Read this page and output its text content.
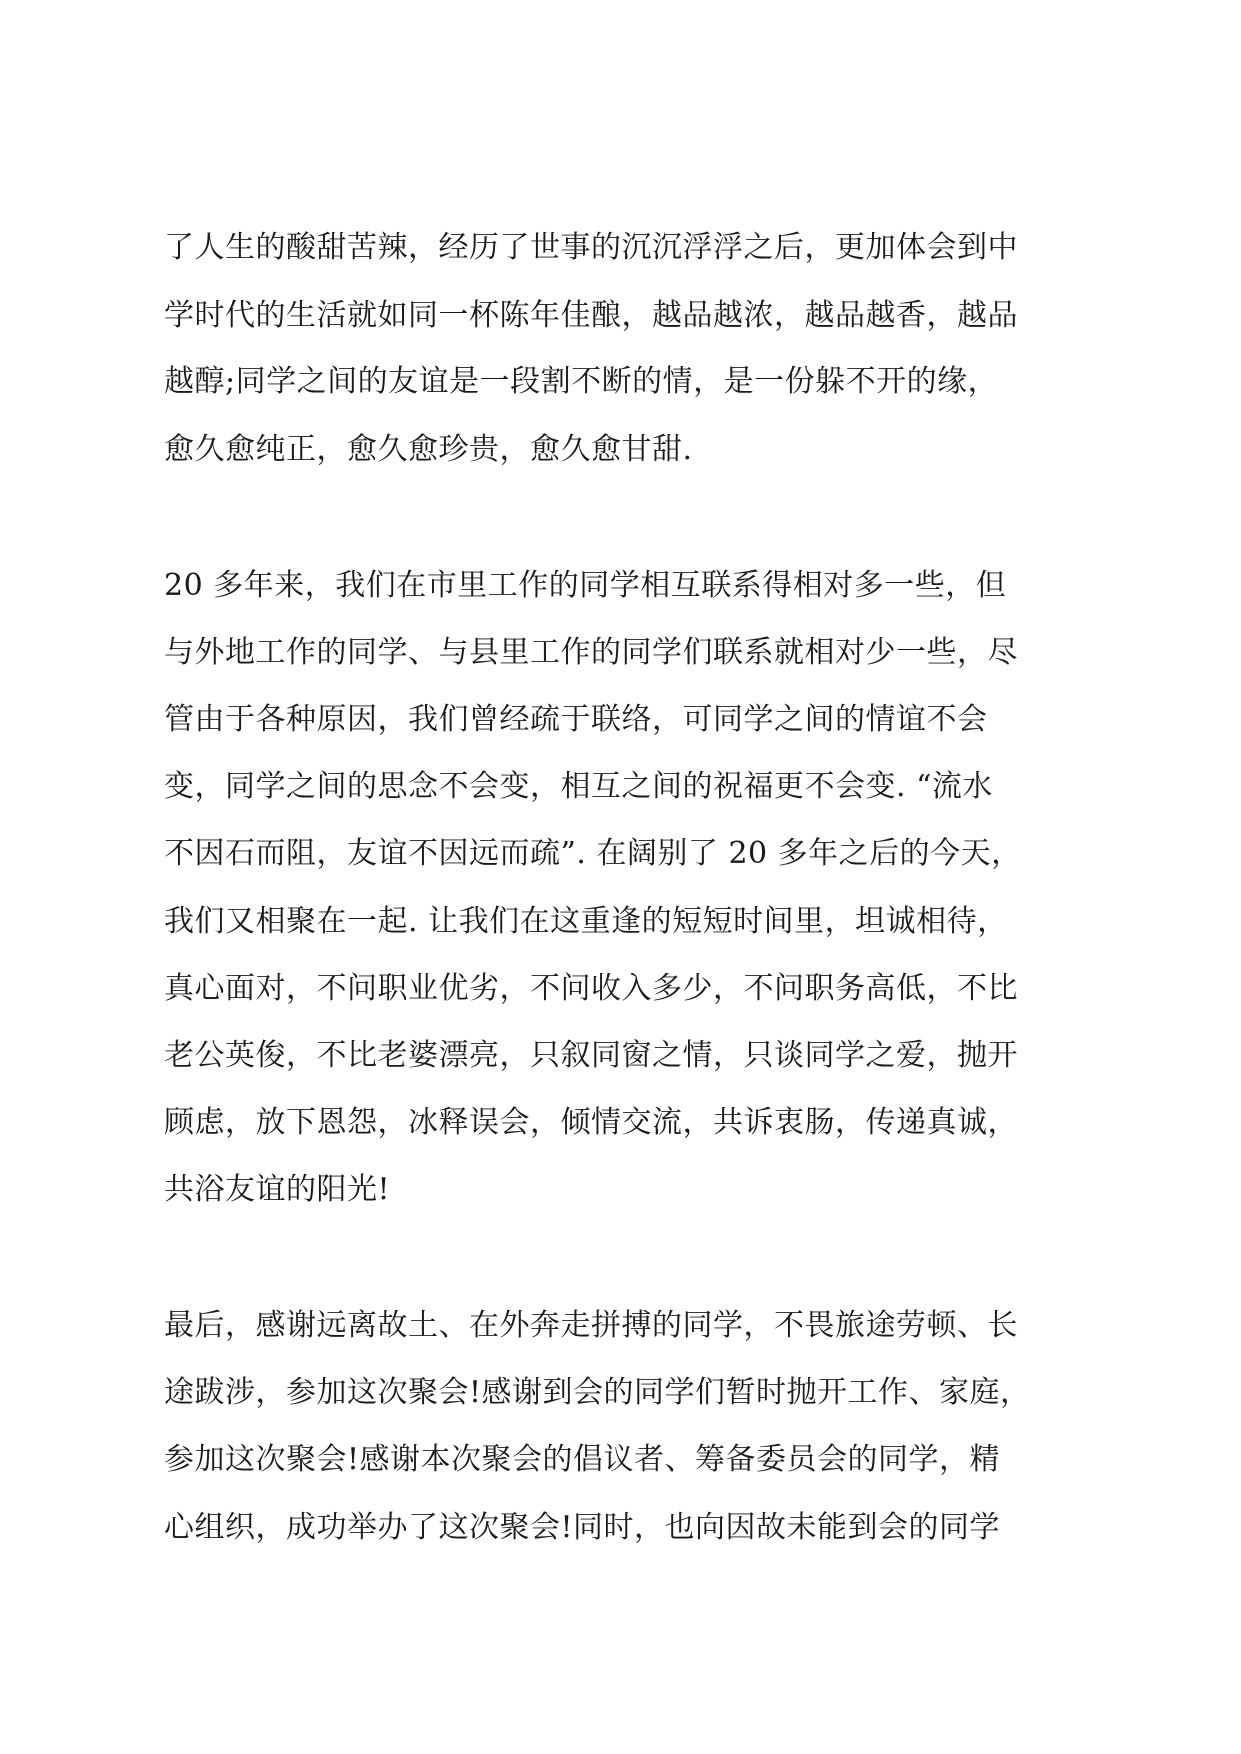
了人生的酸甜苦辣，经历了世事的沉沉浮浮之后，更加体会到中
学时代的生活就如同一杯陈年佳酿，越品越浓，越品越香，越品
越醇;同学之间的友谊是一段割不断的情，是一份躲不开的缘，
愈久愈纯正，愈久愈珍贵，愈久愈甘甜.
20 多年来，我们在市里工作的同学相互联系得相对多一些，但
与外地工作的同学、与县里工作的同学们联系就相对少一些，尽
管由于各种原因，我们曾经疏于联络，可同学之间的情谊不会
变，同学之间的思念不会变，相互之间的祝福更不会变. “流水
不因石而阻，友谊不因远而疏”. 在阔别了 20 多年之后的今天，
我们又相聚在一起. 让我们在这重逢的短短时间里，坦诚相待，
真心面对，不问职业优劣，不问收入多少，不问职务高低，不比
老公英俊，不比老婆漂亮，只叙同窗之情，只谈同学之爱，抛开
顾虑，放下恩怨，冰释误会，倾情交流，共诉衷肠，传递真诚，
共浴友谊的阳光!
最后，感谢远离故土、在外奔走拼搏的同学，不畏旅途劳顿、长
途跋涉，参加这次聚会!感谢到会的同学们暂时抛开工作、家庭，
参加这次聚会!感谢本次聚会的倡议者、筹备委员会的同学，精
心组织，成功举办了这次聚会!同时，也向因故未能到会的同学
